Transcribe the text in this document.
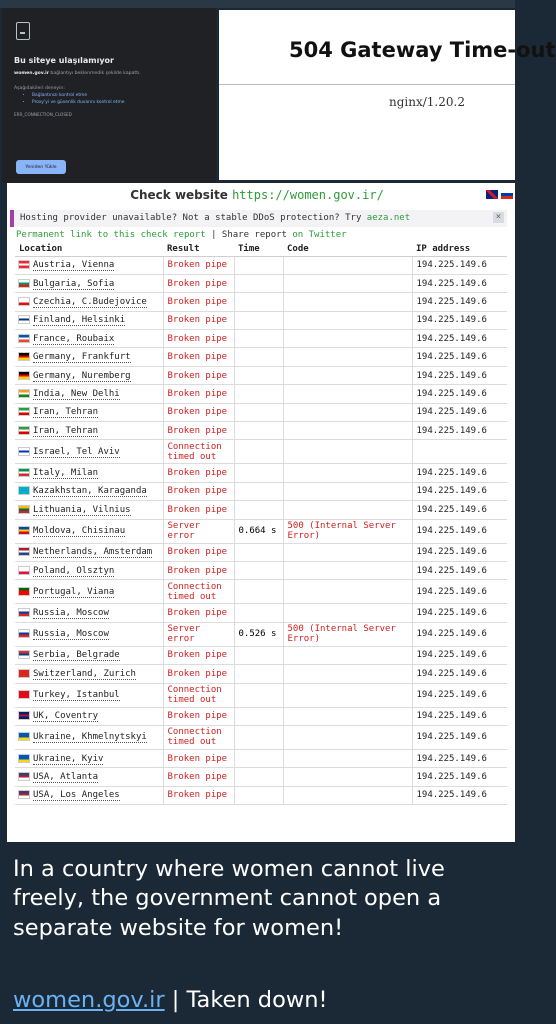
Bu siteye ulaşılamıyor
women.gov.ir bağlantıyı beklenmedik şekilde kapattı.
Aşağıdakileri deneyin:
• Bağlantınızı kontrol etme
• Proxy'yi ve güvenlik duvarını kontrol etme
ERR_CONNECTION_CLOSED
Yeniden Yükle
504 Gateway Time-out
nginx/1.20.2
Check website https://women.gov.ir/
Hosting provider unavailable? Not a stable DDoS protection? Try aeza.net	×
Permanent link to this check report | Share report on Twitter
Location	Result	Time	Code	IP address
Austria, Vienna	Broken pipe			194.225.149.6
Bulgaria, Sofia	Broken pipe			194.225.149.6
Czechia, C.Budejovice	Broken pipe			194.225.149.6
Finland, Helsinki	Broken pipe			194.225.149.6
France, Roubaix	Broken pipe			194.225.149.6
Germany, Frankfurt	Broken pipe			194.225.149.6
Germany, Nuremberg	Broken pipe			194.225.149.6
India, New Delhi	Broken pipe			194.225.149.6
Iran, Tehran	Broken pipe			194.225.149.6
Iran, Tehran	Broken pipe			194.225.149.6
Israel, Tel Aviv	Connection timed out			
Italy, Milan	Broken pipe			194.225.149.6
Kazakhstan, Karaganda	Broken pipe			194.225.149.6
Lithuania, Vilnius	Broken pipe			194.225.149.6
Moldova, Chisinau	Server error	0.664 s	500 (Internal Server Error)	194.225.149.6
Netherlands, Amsterdam	Broken pipe			194.225.149.6
Poland, Olsztyn	Broken pipe			194.225.149.6
Portugal, Viana	Connection timed out			194.225.149.6
Russia, Moscow	Broken pipe			194.225.149.6
Russia, Moscow	Server error	0.526 s	500 (Internal Server Error)	194.225.149.6
Serbia, Belgrade	Broken pipe			194.225.149.6
Switzerland, Zurich	Broken pipe			194.225.149.6
Turkey, Istanbul	Connection timed out			194.225.149.6
UK, Coventry	Broken pipe			194.225.149.6
Ukraine, Khmelnytskyi	Connection timed out			194.225.149.6
Ukraine, Kyiv	Broken pipe			194.225.149.6
USA, Atlanta	Broken pipe			194.225.149.6
USA, Los Angeles	Broken pipe			194.225.149.6
In a country where women cannot live freely, the government cannot open a separate website for women!
women.gov.ir | Taken down!
